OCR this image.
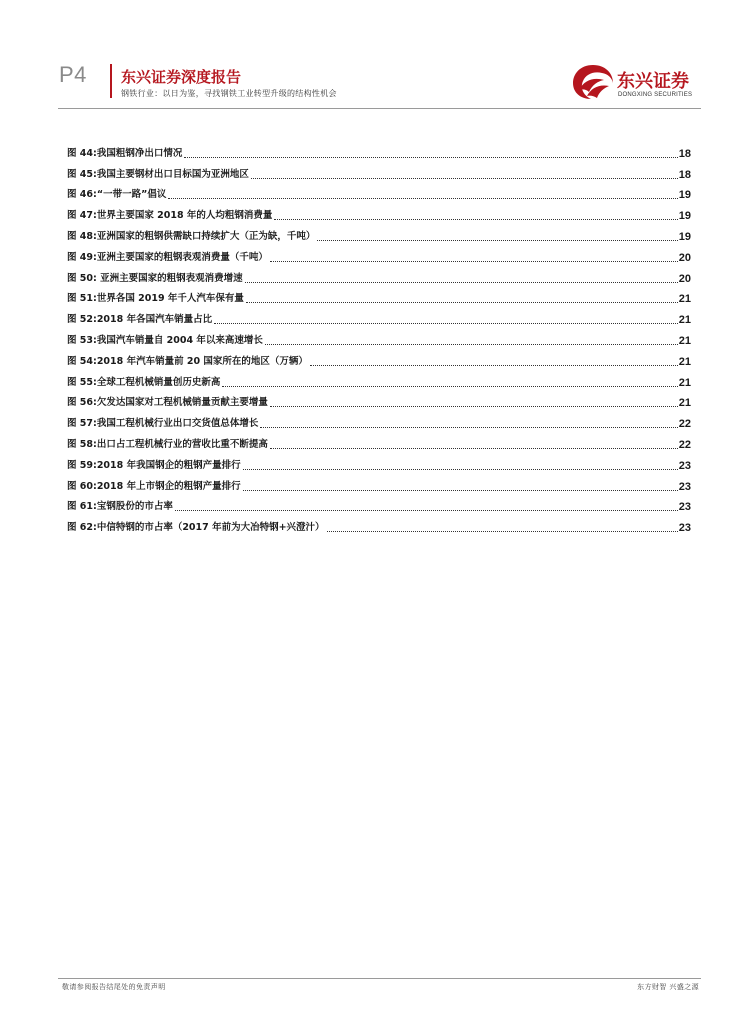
P4 东兴证券深度报告
钢铁行业：以日为鉴，寻找钢铁工业转型升级的结构性机会
东兴证券
DONGXING SECURITIES
图 44:我国粗钢净出口情况	18
图 45:我国主要钢材出口目标国为亚洲地区	18
图 46:“一带一路”倡议	19
图 47:世界主要国家 2018 年的人均粗钢消费量	19
图 48:亚洲国家的粗钢供需缺口持续扩大（正为缺，千吨）	19
图 49:亚洲主要国家的粗钢表观消费量（千吨）	20
图 50: 亚洲主要国家的粗钢表观消费增速	20
图 51:世界各国 2019 年千人汽车保有量	21
图 52:2018 年各国汽车销量占比	21
图 53:我国汽车销量自 2004 年以来高速增长	21
图 54:2018 年汽车销量前 20 国家所在的地区（万辆）	21
图 55:全球工程机械销量创历史新高	21
图 56:欠发达国家对工程机械销量贡献主要增量	21
图 57:我国工程机械行业出口交货值总体增长	22
图 58:出口占工程机械行业的营收比重不断提高	22
图 59:2018 年我国钢企的粗钢产量排行	23
图 60:2018 年上市钢企的粗钢产量排行	23
图 61:宝钢股份的市占率	23
图 62:中信特钢的市占率（2017 年前为大冶特钢+兴澄汁）	23
敬请参阅报告结尾处的免责声明	东方财智 兴盛之源
